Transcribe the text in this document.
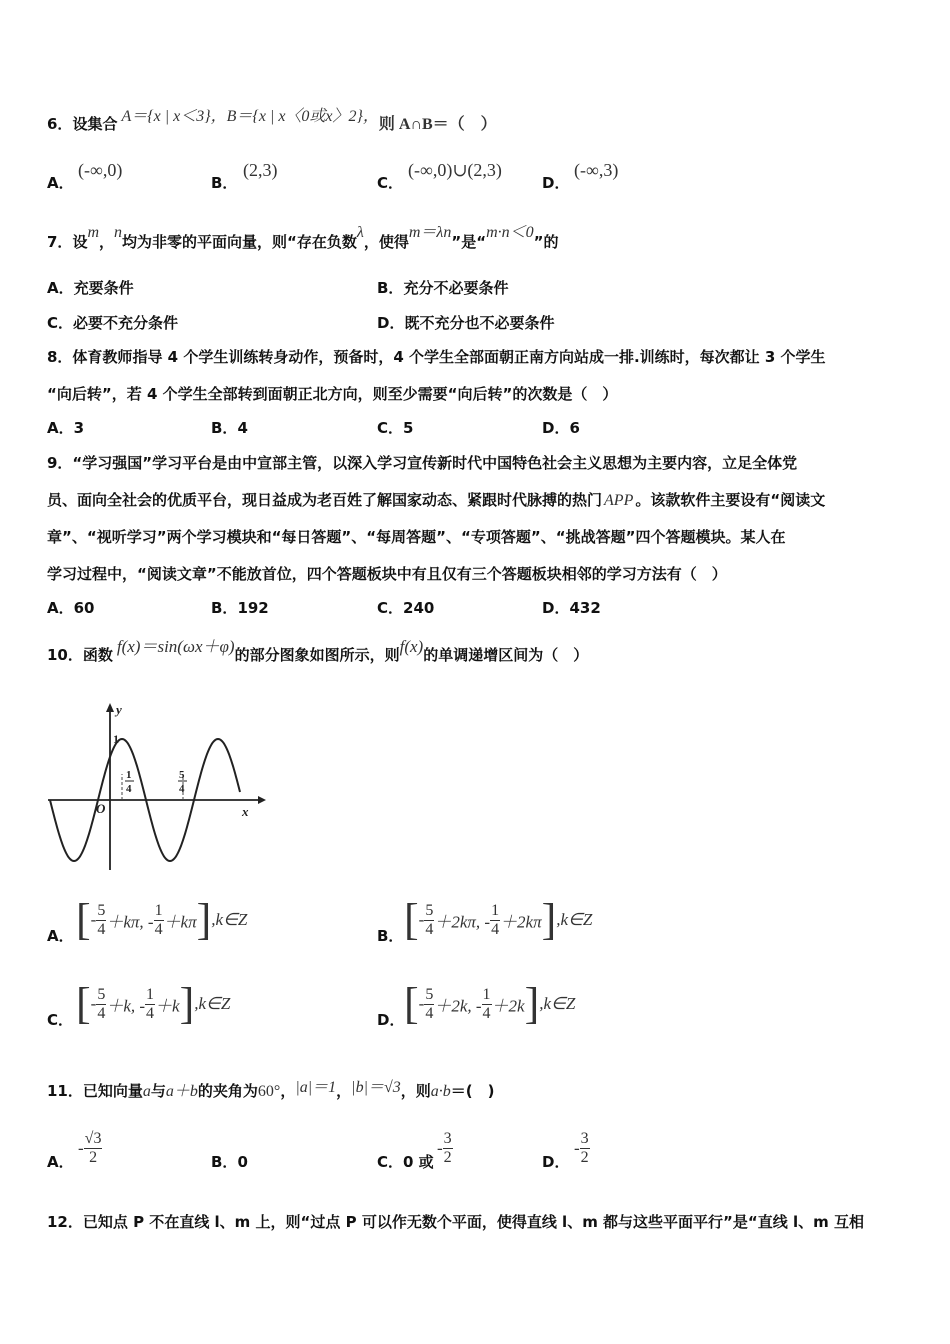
6．设集合 A＝{x | x＜3}，B＝{x | x〈0或x〉2}，则 A∩B＝（　）
A．
(-∞,0)
B．
(2,3)
C．
(-∞,0)∪(2,3)
D．
(-∞,3)
7．设m，n均为非零的平面向量，则“存在负数λ，使得m＝λn”是“m·n＜0”的
A．充要条件	B．充分不必要条件
C．必要不充分条件	D．既不充分也不必要条件
8．体育教师指导 4 个学生训练转身动作，预备时，4 个学生全部面朝正南方向站成一排.训练时，每次都让 3 个学生
“向后转”，若 4 个学生全部转到面朝正北方向，则至少需要“向后转”的次数是（　）
A．3	B．4	C．5	D．6
9．“学习强国”学习平台是由中宣部主管，以深入学习宣传新时代中国特色社会主义思想为主要内容，立足全体党
员、面向全社会的优质平台，现日益成为老百姓了解国家动态、紧跟时代脉搏的热门 APP 。该款软件主要设有“阅读文
章”、“视听学习”两个学习模块和“每日答题”、“每周答题”、“专项答题”、“挑战答题”四个答题模块。某人在
学习过程中，“阅读文章”不能放首位，四个答题板块中有且仅有三个答题板块相邻的学习方法有（　）
A．60	B．192	C．240	D．432
10．函数 f(x)＝sin(ωx＋φ)的部分图象如图所示，则f(x)的单调递增区间为（　）
y
x
O
1
1
4
5
4
A． [- $\frac{5}{4} +k\pi$, - $\frac{1}{4}$ ＋kπ],k∈Z
B． [- $\frac{5}{4} +2k\pi$, - $\frac{1}{4}$ ＋2kπ],k∈Z
C． [- $\frac{5}{4} +k$, - $\frac{1}{4}$ ＋k],k∈Z
D． [- $\frac{5}{4} +2k$, - $\frac{1}{4}$ ＋2k],k∈Z
11．已知向量a与a＋b的夹角为60°，|a|＝1，|b|＝√3，则a·b＝(　)
A．
- $\frac{√3}{2}$	B．0	C．0 或
- $\frac{3}{2}$	D．
- $\frac{3}{2}$
12．已知点 P 不在直线 l、m 上，则“过点 P 可以作无数个平面，使得直线 l、m 都与这些平面平行”是“直线 l、m 互相
